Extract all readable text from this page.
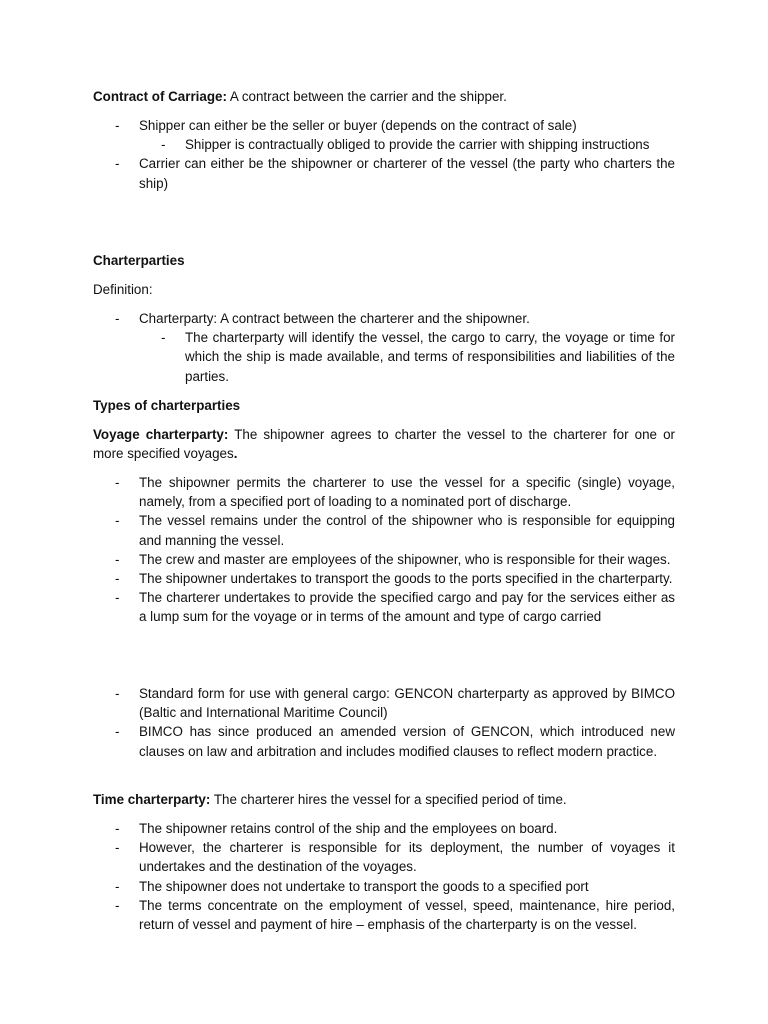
Contract of Carriage: A contract between the carrier and the shipper.

- Shipper can either be the seller or buyer (depends on the contract of sale)
- Shipper is contractually obliged to provide the carrier with shipping instructions
- Carrier can either be the shipowner or charterer of the vessel (the party who charters the ship)

Charterparties

Definition:

- Charterparty: A contract between the charterer and the shipowner.
- The charterparty will identify the vessel, the cargo to carry, the voyage or time for which the ship is made available, and terms of responsibilities and liabilities of the parties.

Types of charterparties

Voyage charterparty: The shipowner agrees to charter the vessel to the charterer for one or more specified voyages.

- The shipowner permits the charterer to use the vessel for a specific (single) voyage, namely, from a specified port of loading to a nominated port of discharge.
- The vessel remains under the control of the shipowner who is responsible for equipping and manning the vessel.
- The crew and master are employees of the shipowner, who is responsible for their wages.
- The shipowner undertakes to transport the goods to the ports specified in the charterparty.
- The charterer undertakes to provide the specified cargo and pay for the services either as a lump sum for the voyage or in terms of the amount and type of cargo carried
- Standard form for use with general cargo: GENCON charterparty as approved by BIMCO (Baltic and International Maritime Council)
- BIMCO has since produced an amended version of GENCON, which introduced new clauses on law and arbitration and includes modified clauses to reflect modern practice.

Time charterparty: The charterer hires the vessel for a specified period of time.

- The shipowner retains control of the ship and the employees on board.
- However, the charterer is responsible for its deployment, the number of voyages it undertakes and the destination of the voyages.
- The shipowner does not undertake to transport the goods to a specified port
- The terms concentrate on the employment of vessel, speed, maintenance, hire period, return of vessel and payment of hire – emphasis of the charterparty is on the vessel.
